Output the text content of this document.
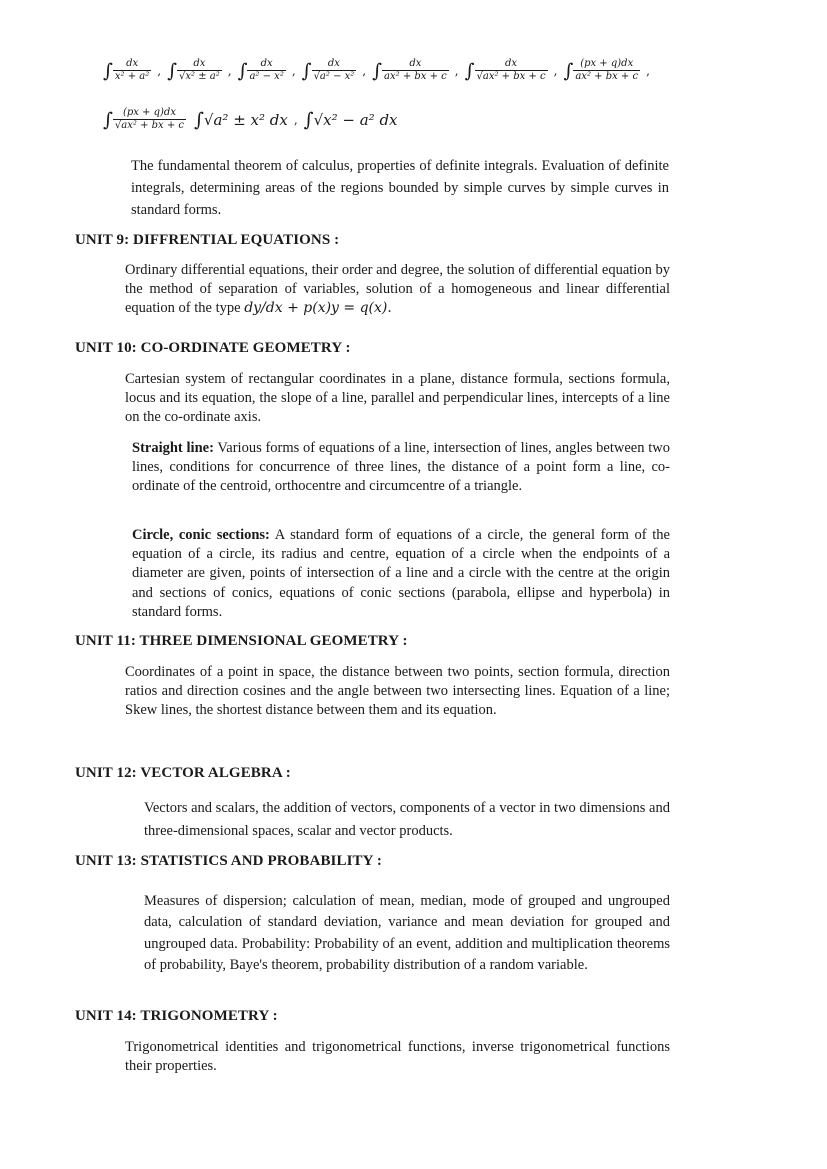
∫ $\frac{dx}{\text{x² + a²}}$ , ∫ $\frac{dx}{\text{√x² ± a²}}$ , ∫ $\frac{dx}{\text{a² − x²}}$ , ∫ $\frac{dx}{\text{√a² − x²}}$ , ∫ $\frac{dx}{\text{ax² + bx + c}}$ , ∫ $\frac{dx}{\text{√ax² + bx + c}}$ , ∫ $\frac{(px + q)dx}{\text{ax² + bx + c}}$ ,
∫ $\frac{(px + q)dx}{\text{√ax² + bx + c}}$ ∫ √a² ± x² dx , ∫ √x² − a² dx
The fundamental theorem of calculus, properties of definite integrals. Evaluation of definite integrals, determining areas of the regions bounded by simple curves by simple curves in standard forms.
UNIT 9: DIFFRENTIAL EQUATIONS :
Ordinary differential equations, their order and degree, the solution of differential equation by the method of separation of variables, solution of a homogeneous and linear differential equation of the type dy/dx + p(x)y = q(x).
UNIT 10: CO-ORDINATE GEOMETRY :
Cartesian system of rectangular coordinates in a plane, distance formula, sections formula, locus and its equation, the slope of a line, parallel and perpendicular lines, intercepts of a line on the co-ordinate axis.
Straight line: Various forms of equations of a line, intersection of lines, angles between two lines, conditions for concurrence of three lines, the distance of a point form a line, co-ordinate of the centroid, orthocentre and circumcentre of a triangle.
Circle, conic sections: A standard form of equations of a circle, the general form of the equation of a circle, its radius and centre, equation of a circle when the endpoints of a diameter are given, points of intersection of a line and a circle with the centre at the origin and sections of conics, equations of conic sections (parabola, ellipse and hyperbola) in standard forms.
UNIT 11: THREE DIMENSIONAL GEOMETRY :
Coordinates of a point in space, the distance between two points, section formula, direction ratios and direction cosines and the angle between two intersecting lines. Equation of a line; Skew lines, the shortest distance between them and its equation.
UNIT 12: VECTOR ALGEBRA :
Vectors and scalars, the addition of vectors, components of a vector in two dimensions and three-dimensional spaces, scalar and vector products.
UNIT 13: STATISTICS AND PROBABILITY :
Measures of dispersion; calculation of mean, median, mode of grouped and ungrouped data, calculation of standard deviation, variance and mean deviation for grouped and ungrouped data. Probability: Probability of an event, addition and multiplication theorems of probability, Baye's theorem, probability distribution of a random variable.
UNIT 14: TRIGONOMETRY :
Trigonometrical identities and trigonometrical functions, inverse trigonometrical functions their properties.
